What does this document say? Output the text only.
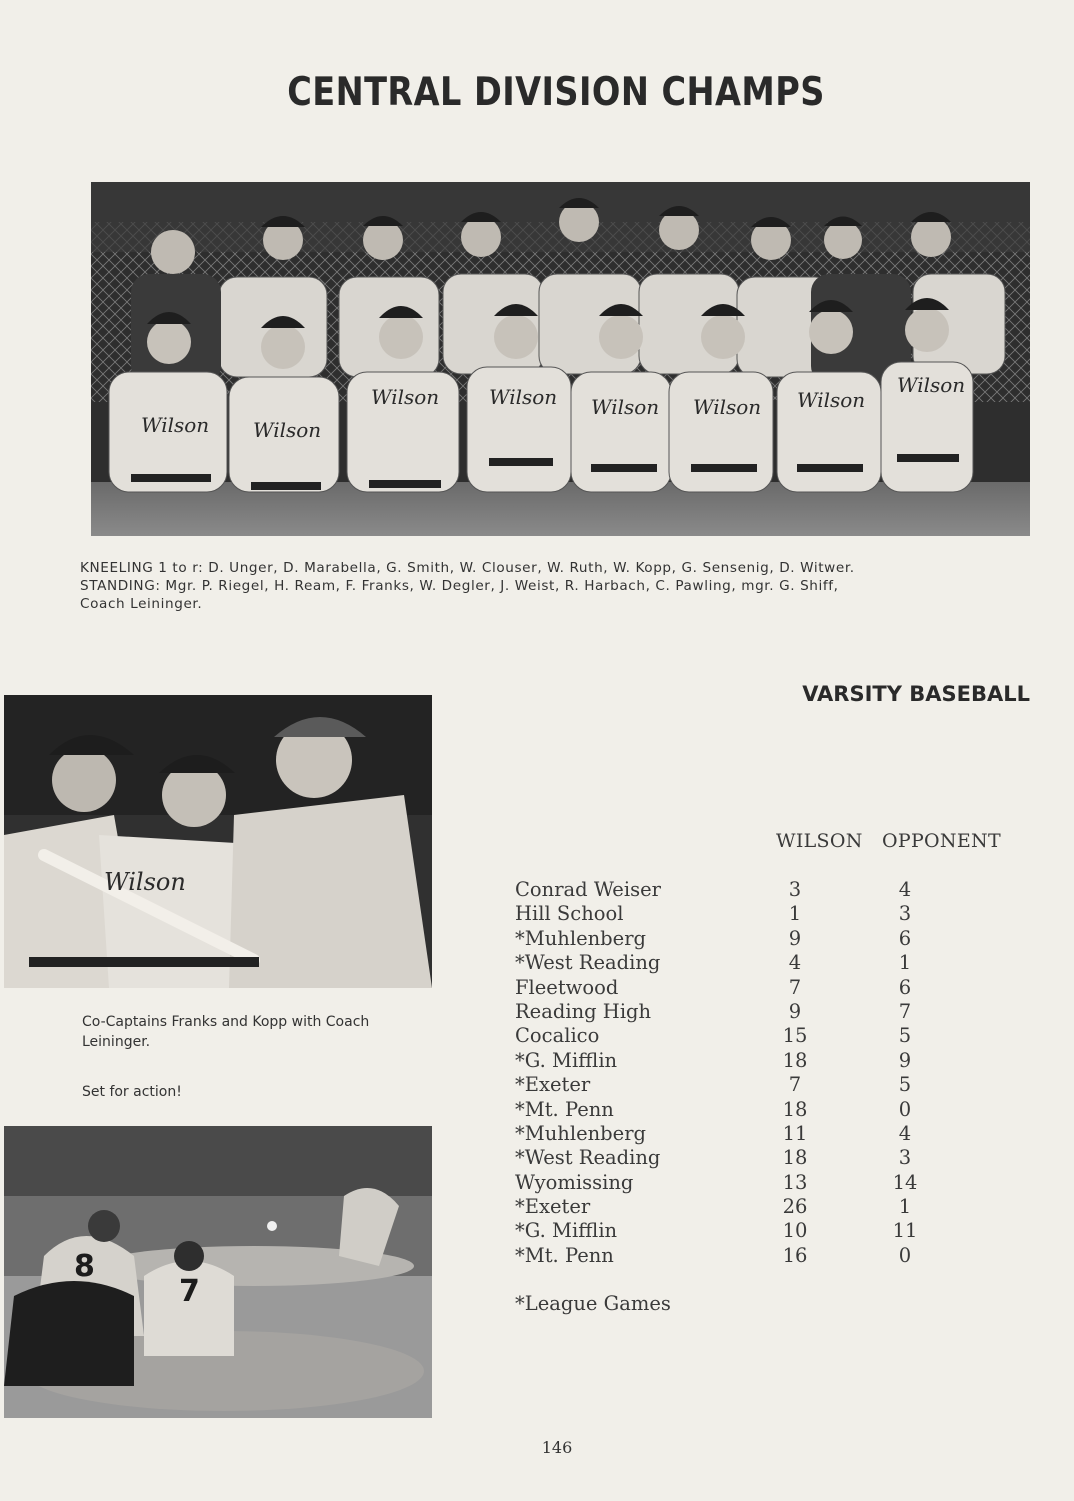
CENTRAL DIVISION CHAMPS
Wilson Wilson
Wilson Wilson Wilson Wilson Wilson
Wilson
KNEELING 1 to r: D. Unger, D. Marabella, G. Smith, W. Clouser, W. Ruth, W. Kopp, G. Sensenig, D. Witwer.
STANDING: Mgr. P. Riegel, H. Ream, F. Franks, W. Degler, J. Weist, R. Harbach, C. Pawling, mgr. G. Shiff,
Coach Leininger.
Wilson
Co-Captains Franks and Kopp with Coach
Leininger.
Set for action!
8
7
VARSITY BASEBALL
WILSON OPPONENT
Conrad Weiser	3	4
Hill School	1	3
*Muhlenberg	9	6
*West Reading	4	1
Fleetwood	7	6
Reading High	9	7
Cocalico	15	5
*G. Mifflin	18	9
*Exeter	7	5
*Mt. Penn	18	0
*Muhlenberg	11	4
*West Reading	18	3
Wyomissing	13	14
*Exeter	26	1
*G. Mifflin	10	11
*Mt. Penn	16	0
*League Games
146
